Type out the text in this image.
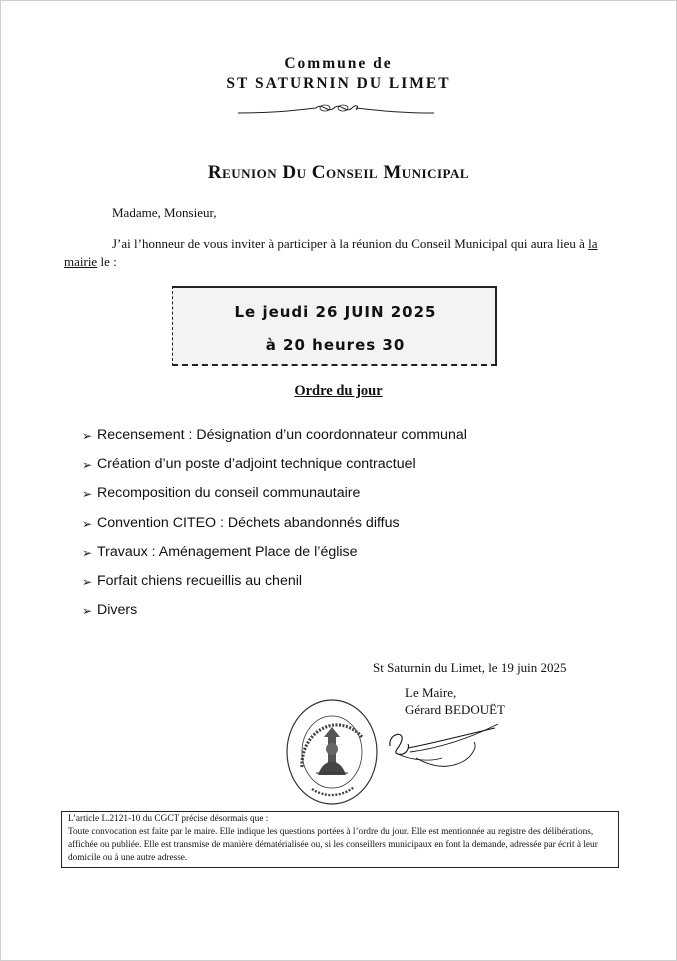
Commune de
ST SATURNIN DU LIMET
Reunion Du Conseil Municipal
Madame, Monsieur,
J’ai l’honneur de vous inviter à participer à la réunion du Conseil Municipal qui aura lieu à la mairie le :
Le jeudi 26 JUIN 2025
à 20 heures 30
Ordre du jour
➢ Recensement : Désignation d’un coordonnateur communal
➢ Création d’un poste d’adjoint technique contractuel
➢ Recomposition du conseil communautaire
➢ Convention CITEO : Déchets abandonnés diffus
➢ Travaux : Aménagement Place de l’église
➢ Forfait chiens recueillis au chenil
➢ Divers
St Saturnin du Limet, le 19 juin 2025
Le Maire,
Gérard BEDOUËT

L’article L.2121-10 du CGCT précise désormais que :

Toute convocation est faite par le maire. Elle indique les questions portées à l’ordre du jour. Elle est mentionnée au registre des délibérations, affichée ou publiée. Elle est transmise de manière dématérialisée ou, si les conseillers municipaux en font la demande, adressée par écrit à leur domicile ou à une autre adresse.
